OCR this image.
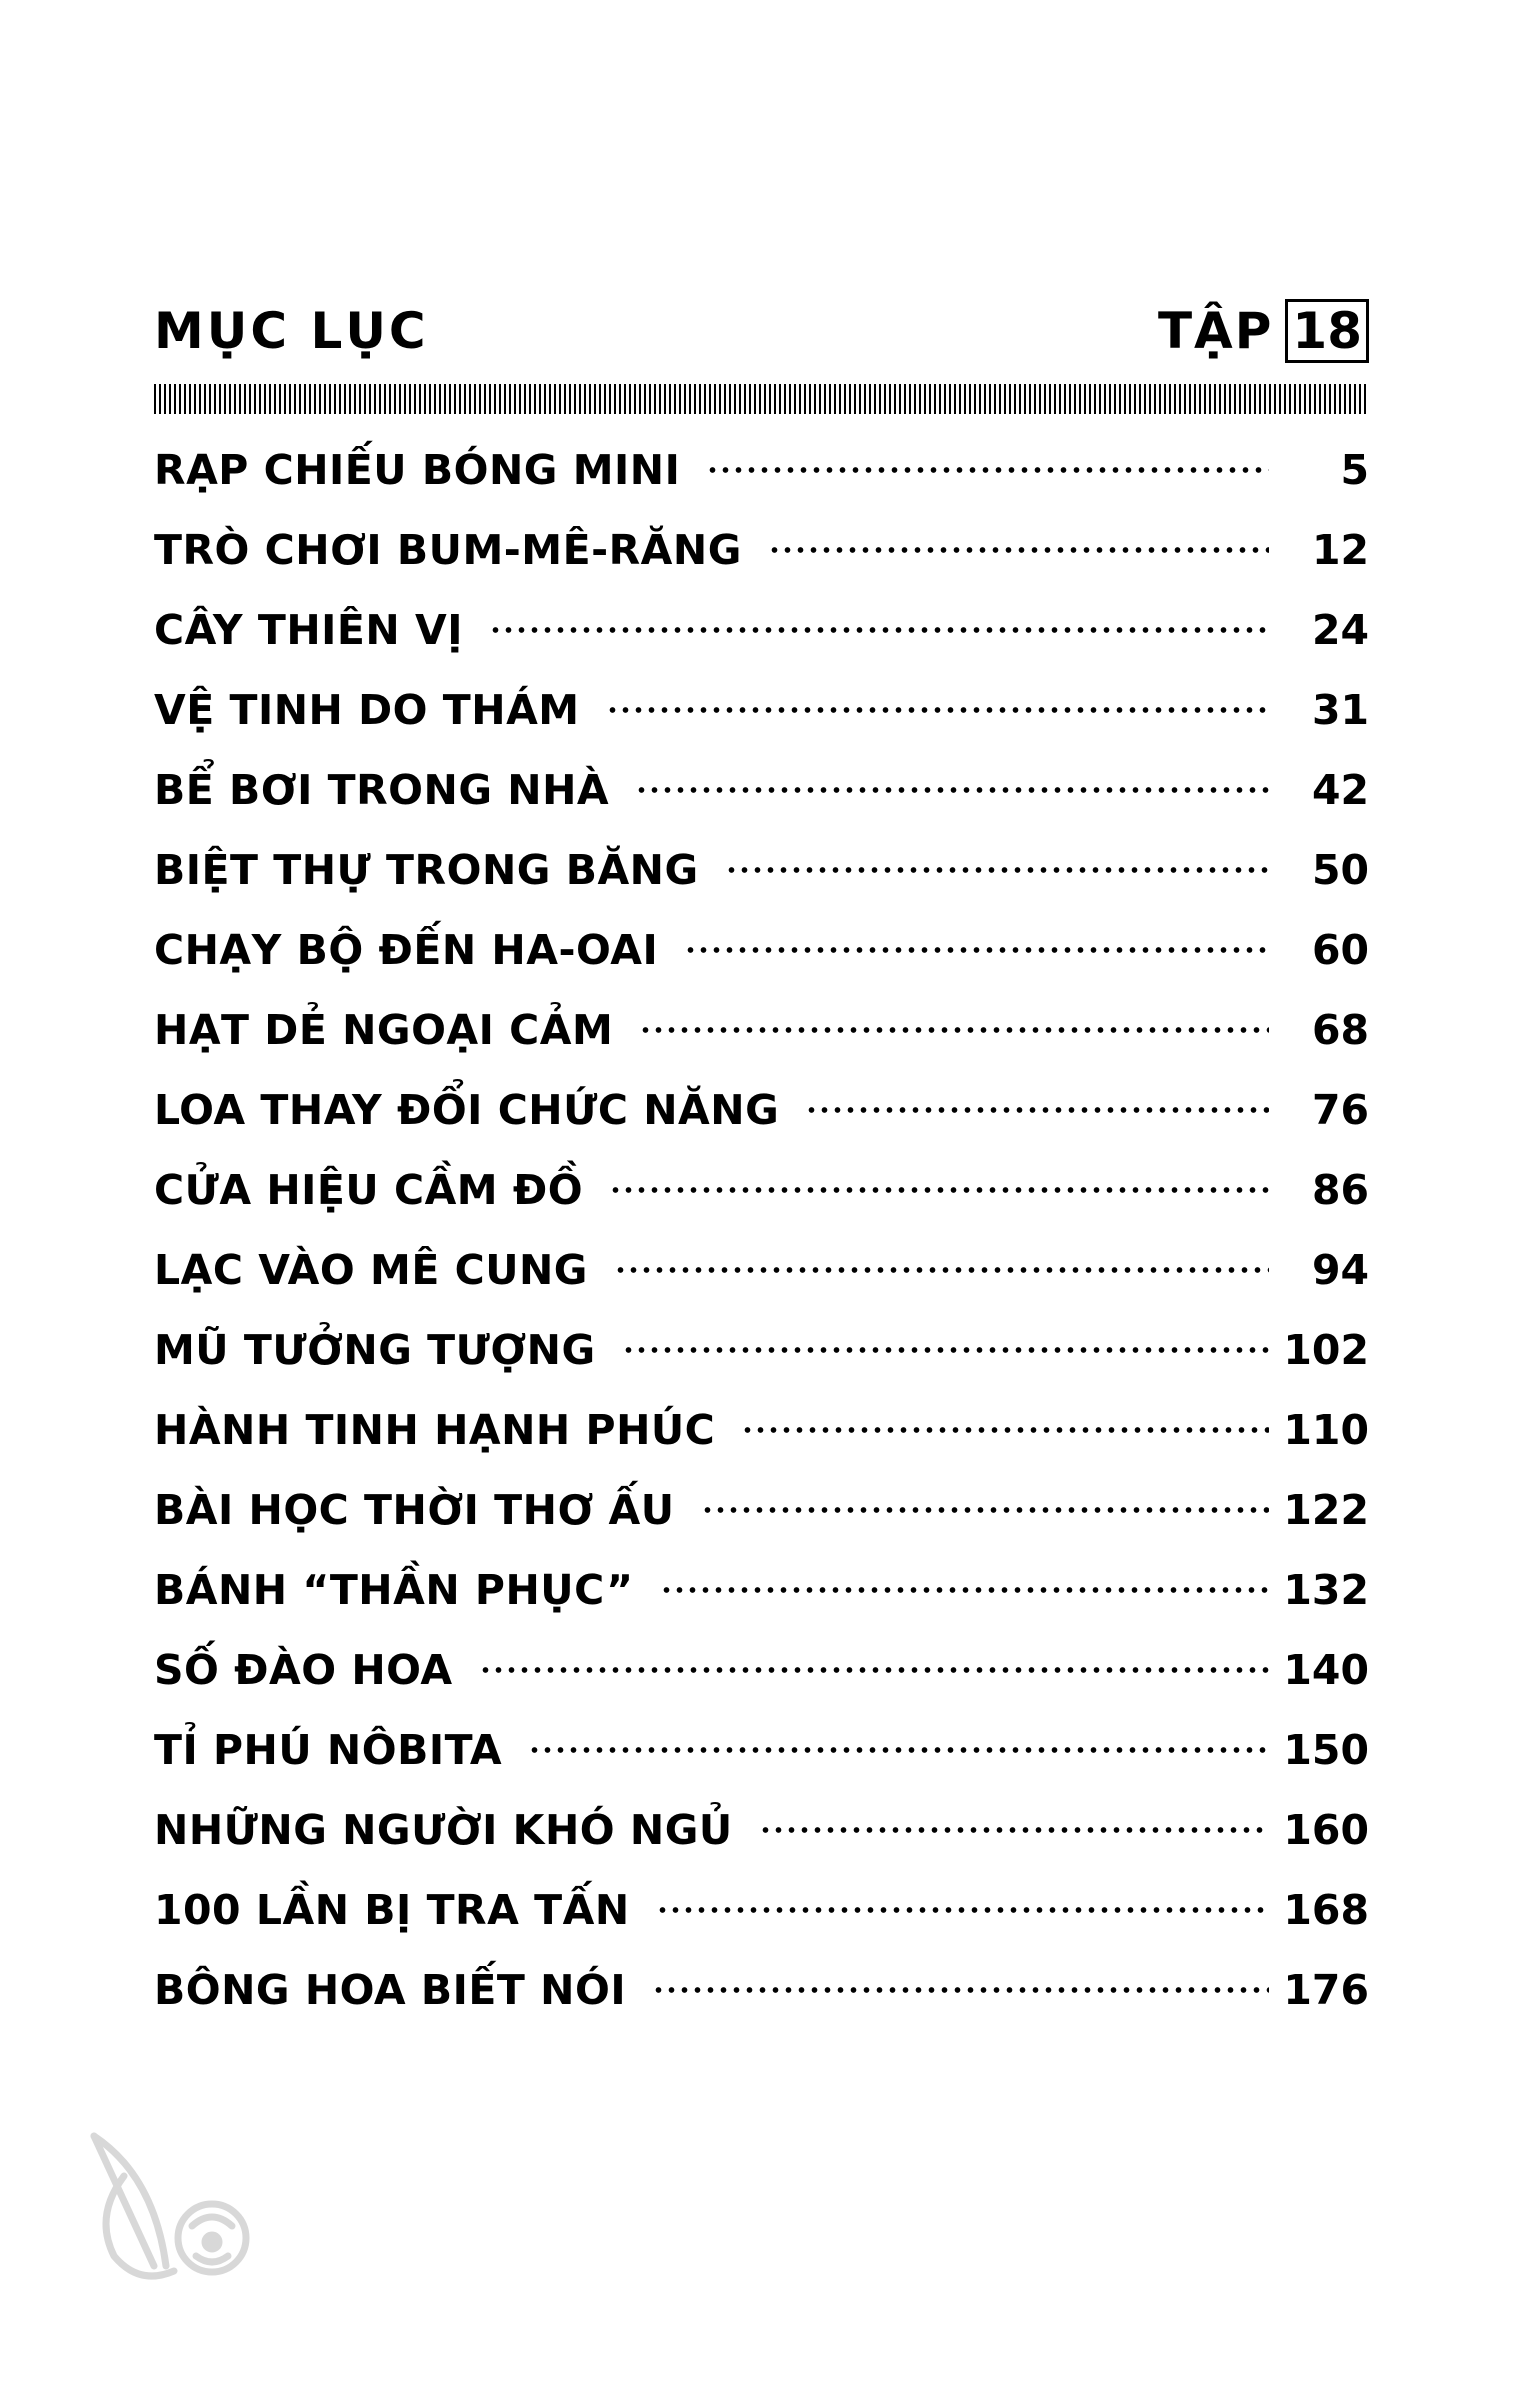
MỤC LỤC	TẬP 18
RẠP CHIẾU BÓNG MINI	5
TRÒ CHƠI BUM-MÊ-RĂNG	12
CÂY THIÊN VỊ	24
VỆ TINH DO THÁM	31
BỂ BƠI TRONG NHÀ	42
BIỆT THỰ TRONG BĂNG	50
CHẠY BỘ ĐẾN HA-OAI	60
HẠT DẺ NGOẠI CẢM	68
LOA THAY ĐỔI CHỨC NĂNG	76
CỬA HIỆU CẦM ĐỒ	86
LẠC VÀO MÊ CUNG	94
MŨ TƯỞNG TƯỢNG	102
HÀNH TINH HẠNH PHÚC	110
BÀI HỌC THỜI THƠ ẤU	122
BÁNH “THẦN PHỤC”	132
SỐ ĐÀO HOA	140
TỈ PHÚ NÔBITA	150
NHỮNG NGƯỜI KHÓ NGỦ	160
100 LẦN BỊ TRA TẤN	168
BÔNG HOA BIẾT NÓI	176
